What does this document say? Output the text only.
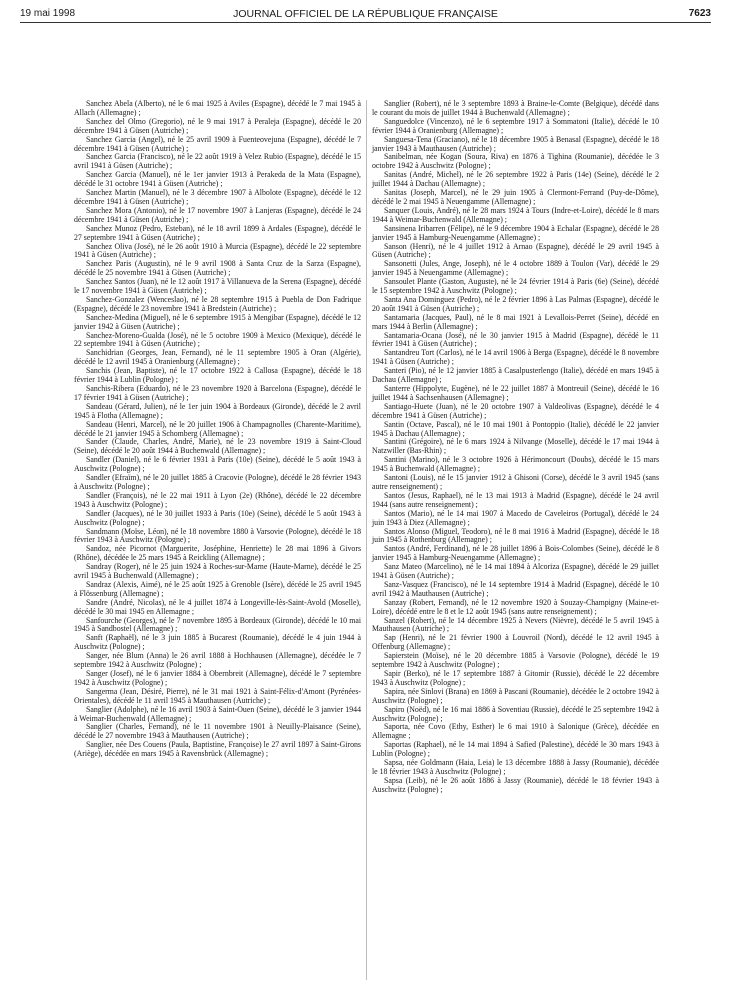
19 mai 1998	JOURNAL OFFICIEL DE LA RÉPUBLIQUE FRANÇAISE	7623

Sanchez Abela (Alberto), né le 6 mai 1925 à Aviles (Espagne), décédé le 7 mai 1945 à Allach (Allemagne) ;

Sanchez del Olmo (Gregorio), né le 9 mai 1917 à Peraleja (Espagne), décédé le 20 décembre 1941 à Güsen (Autriche) ;

Sanchez Garcia (Angel), né le 25 avril 1909 à Fuenteovejuna (Espagne), décédé le 7 décembre 1941 à Güsen (Autriche) ;

Sanchez Garcia (Francisco), né le 22 août 1919 à Velez Rubio (Espagne), décédé le 15 avril 1941 à Güsen (Autriche) ;

Sanchez Garcia (Manuel), né le 1er janvier 1913 à Perakeda de la Mata (Espagne), décédé le 31 octobre 1941 à Güsen (Autriche) ;

Sanchez Martin (Manuel), né le 3 décembre 1907 à Albolote (Espagne), décédé le 12 décembre 1941 à Güsen (Autriche) ;

Sanchez Mora (Antonio), né le 17 novembre 1907 à Lanjeras (Espagne), décédé le 24 décembre 1941 à Güsen (Autriche) ;

Sanchez Munoz (Pedro, Esteban), né le 18 avril 1899 à Ardales (Espagne), décédé le 27 septembre 1941 à Güsen (Autriche) ;

Sanchez Oliva (José), né le 26 août 1910 à Murcia (Espagne), décédé le 22 septembre 1941 à Güsen (Autriche) ;

Sanchez Paris (Augustin), né le 9 avril 1908 à Santa Cruz de la Sarza (Espagne), décédé le 25 novembre 1941 à Güsen (Autriche) ;

Sanchez Santos (Juan), né le 12 août 1917 à Villanueva de la Serena (Espagne), décédé le 17 novembre 1941 à Güsen (Autriche) ;

Sanchez-Gonzalez (Wenceslao), né le 28 septembre 1915 à Puebla de Don Fadrique (Espagne), décédé le 23 novembre 1941 à Bredstein (Autriche) ;

Sanchez-Medina (Miguel), né le 6 septembre 1915 à Mengibar (Espagne), décédé le 12 janvier 1942 à Güsen (Autriche) ;

Sanchez-Moreno-Gualda (José), né le 5 octobre 1909 à Mexico (Mexique), décédé le 22 septembre 1941 à Güsen (Autriche) ;

Sanchidrian (Georges, Jean, Fernand), né le 11 septembre 1905 à Oran (Algérie), décédé le 12 avril 1945 à Oranienburg (Allemagne) ;

Sanchis (Jean, Baptiste), né le 17 octobre 1922 à Callosa (Espagne), décédé le 18 février 1944 à Lublin (Pologne) ;

Sanchis-Ribera (Eduardo), né le 23 novembre 1920 à Barcelona (Espagne), décédé le 17 février 1941 à Güsen (Autriche) ;

Sandeau (Gérard, Julien), né le 1er juin 1904 à Bordeaux (Gironde), décédé le 2 avril 1945 à Flotha (Allemagne) ;

Sandeau (Henri, Marcel), né le 20 juillet 1906 à Champagnolles (Charente-Maritime), décédé le 21 janvier 1945 à Schomberg (Allemagne) ;

Sander (Claude, Charles, André, Marie), né le 23 novembre 1919 à Saint-Cloud (Seine), décédé le 20 août 1944 à Buchenwald (Allemagne) ;

Sandler (Daniel), né le 6 février 1931 à Paris (10e) (Seine), décédé le 5 août 1943 à Auschwitz (Pologne) ;

Sandler (Efraïm), né le 20 juillet 1885 à Cracovie (Pologne), décédé le 28 février 1943 à Auschwitz (Pologne) ;

Sandler (François), né le 22 mai 1911 à Lyon (2e) (Rhône), décédé le 22 décembre 1943 à Auschwitz (Pologne) ;

Sandler (Jacques), né le 30 juillet 1933 à Paris (10e) (Seine), décédé le 5 août 1943 à Auschwitz (Pologne) ;

Sandmann (Moïse, Léon), né le 18 novembre 1880 à Varsovie (Pologne), décédé le 18 février 1943 à Auschwitz (Pologne) ;

Sandoz, née Picornot (Marguerite, Joséphine, Henriette) le 28 mai 1896 à Givors (Rhône), décédée le 25 mars 1945 à Reickling (Allemagne) ;

Sandray (Roger), né le 25 juin 1924 à Roches-sur-Marne (Haute-Marne), décédé le 25 avril 1945 à Buchenwald (Allemagne) ;

Sandraz (Alexis, Aimé), né le 25 août 1925 à Grenoble (Isère), décédé le 25 avril 1945 à Flössenburg (Allemagne) ;

Sandre (André, Nicolas), né le 4 juillet 1874 à Longeville-lès-Saint-Avold (Moselle), décédé le 30 mai 1945 en Allemagne ;

Sanfourche (Georges), né le 7 novembre 1895 à Bordeaux (Gironde), décédé le 10 mai 1945 à Sandbostel (Allemagne) ;

Sanft (Raphaël), né le 3 juin 1885 à Bucarest (Roumanie), décédé le 4 juin 1944 à Auschwitz (Pologne) ;

Sanger, née Blum (Anna) le 26 avril 1888 à Hochhausen (Allemagne), décédée le 7 septembre 1942 à Auschwitz (Pologne) ;

Sanger (Josef), né le 6 janvier 1884 à Obernbreit (Allemagne), décédé le 7 septembre 1942 à Auschwitz (Pologne) ;

Sangerma (Jean, Désiré, Pierre), né le 31 mai 1921 à Saint-Félix-d'Amont (Pyrénées-Orientales), décédé le 11 avril 1945 à Mauthausen (Autriche) ;

Sanglier (Adolphe), né le 16 avril 1903 à Saint-Ouen (Seine), décédé le 3 janvier 1944 à Weimar-Buchenwald (Allemagne) ;

Sanglier (Charles, Fernand), né le 11 novembre 1901 à Neuilly-Plaisance (Seine), décédé le 27 novembre 1943 à Mauthausen (Autriche) ;

Sanglier, née Des Couens (Paula, Baptistine, Françoise) le 27 avril 1897 à Saint-Girons (Ariège), décédée en mars 1945 à Ravensbrück (Allemagne) ;

Sanglier (Robert), né le 3 septembre 1893 à Braine-le-Comte (Belgique), décédé dans le courant du mois de juillet 1944 à Buchenwald (Allemagne) ;

Sanguedolce (Vincenzo), né le 6 septembre 1917 à Sommatoni (Italie), décédé le 10 février 1944 à Oranienburg (Allemagne) ;

Sanguesa-Tena (Graciano), né le 18 décembre 1905 à Benasal (Espagne), décédé le 18 janvier 1943 à Mauthausen (Autriche) ;

Sanibelman, née Kogan (Soura, Riva) en 1876 à Tighina (Roumanie), décédée le 3 octobre 1942 à Auschwitz (Pologne) ;

Sanitas (André, Michel), né le 26 septembre 1922 à Paris (14e) (Seine), décédé le 2 juillet 1944 à Dachau (Allemagne) ;

Sanitas (Joseph, Marcel), né le 29 juin 1905 à Clermont-Ferrand (Puy-de-Dôme), décédé le 2 mai 1945 à Neuengamme (Allemagne) ;

Sanquer (Louis, André), né le 28 mars 1924 à Tours (Indre-et-Loire), décédé le 8 mars 1944 à Weimar-Buchenwald (Allemagne) ;

Sansinena Iribarren (Félipe), né le 9 décembre 1904 à Echalar (Espagne), décédé le 28 janvier 1945 à Hamburg-Neuengamme (Allemagne) ;

Sanson (Henri), né le 4 juillet 1912 à Arnao (Espagne), décédé le 29 avril 1945 à Güsen (Autriche) ;

Sansonetti (Jules, Ange, Joseph), né le 4 octobre 1889 à Toulon (Var), décédé le 29 janvier 1945 à Neuengamme (Allemagne) ;

Sansoulet Plante (Gaston, Auguste), né le 24 février 1914 à Paris (6e) (Seine), décédé le 15 septembre 1942 à Auschwitz (Pologne) ;

Santa Ana Dominguez (Pedro), né le 2 février 1896 à Las Palmas (Espagne), décédé le 20 août 1941 à Güsen (Autriche) ;

Santamaria (Jacques, Paul), né le 8 mai 1921 à Levallois-Perret (Seine), décédé en mars 1944 à Berlin (Allemagne) ;

Santamaria-Ocana (José), né le 30 janvier 1915 à Madrid (Espagne), décédé le 11 février 1941 à Güsen (Autriche) ;

Santandreu Tort (Carlos), né le 14 avril 1906 à Berga (Espagne), décédé le 8 novembre 1941 à Güsen (Autriche) ;

Santeri (Pio), né le 12 janvier 1885 à Casalpusterlengo (Italie), décédé en mars 1945 à Dachau (Allemagne) ;

Santerre (Hippolyte, Eugène), né le 22 juillet 1887 à Montreuil (Seine), décédé le 16 juillet 1944 à Sachsenhausen (Allemagne) ;

Santiago-Huete (Juan), né le 20 octobre 1907 à Valdeolivas (Espagne), décédé le 4 décembre 1941 à Güsen (Autriche) ;

Santin (Octave, Pascal), né le 10 mai 1901 à Pontoppio (Italie), décédé le 22 janvier 1945 à Dachau (Allemagne) ;

Santini (Grégoire), né le 6 mars 1924 à Nilvange (Moselle), décédé le 17 mai 1944 à Natzwiller (Bas-Rhin) ;

Santini (Marino), né le 3 octobre 1926 à Hérimoncourt (Doubs), décédé le 15 mars 1945 à Buchenwald (Allemagne) ;

Santoni (Louis), né le 15 janvier 1912 à Ghisoni (Corse), décédé le 3 avril 1945 (sans autre renseignement) ;

Santos (Jesus, Raphael), né le 13 mai 1913 à Madrid (Espagne), décédé le 24 avril 1944 (sans autre renseignement) ;

Santos (Mario), né le 14 mai 1907 à Macedo de Caveleiros (Portugal), décédé le 24 juin 1943 à Diez (Allemagne) ;

Santos Alonso (Miguel, Teodoro), né le 8 mai 1916 à Madrid (Espagne), décédé le 18 juin 1945 à Rothenburg (Allemagne) ;

Santos (André, Ferdinand), né le 28 juillet 1896 à Bois-Colombes (Seine), décédé le 8 janvier 1945 à Hamburg-Neuengamme (Allemagne) ;

Sanz Mateo (Marcelino), né le 14 mai 1894 à Alcoriza (Espagne), décédé le 29 juillet 1941 à Güsen (Autriche) ;

Sanz-Vasquez (Francisco), né le 14 septembre 1914 à Madrid (Espagne), décédé le 10 avril 1942 à Mauthausen (Autriche) ;

Sanzay (Robert, Fernand), né le 12 novembre 1920 à Souzay-Champigny (Maine-et-Loire), décédé entre le 8 et le 12 août 1945 (sans autre renseignement) ;

Sanzel (Robert), né le 14 décembre 1925 à Nevers (Nièvre), décédé le 5 avril 1945 à Mauthausen (Autriche) ;

Sap (Henri), né le 21 février 1900 à Louvroil (Nord), décédé le 12 avril 1945 à Offenburg (Allemagne) ;

Sapierstein (Moïse), né le 20 décembre 1885 à Varsovie (Pologne), décédé le 19 septembre 1942 à Auschwitz (Pologne) ;

Sapir (Berko), né le 17 septembre 1887 à Gitomir (Russie), décédé le 22 décembre 1943 à Auschwitz (Pologne) ;

Sapira, née Sinlovi (Brana) en 1869 à Pascani (Roumanie), décédée le 2 octobre 1942 à Auschwitz (Pologne) ;

Sapiro (Noëd), né le 16 mai 1886 à Soventiau (Russie), décédé le 25 septembre 1942 à Auschwitz (Pologne) ;

Saporta, née Covo (Ethy, Esther) le 6 mai 1910 à Salonique (Grèce), décédée en Allemagne ;

Saportas (Raphael), né le 14 mai 1894 à Safied (Palestine), décédé le 30 mars 1943 à Lublin (Pologne) ;

Sapsa, née Goldmann (Haia, Leia) le 13 décembre 1888 à Jassy (Roumanie), décédée le 18 février 1943 à Auschwitz (Pologne) ;

Sapsa (Leib), né le 26 août 1886 à Jassy (Roumanie), décédé le 18 février 1943 à Auschwitz (Pologne) ;
